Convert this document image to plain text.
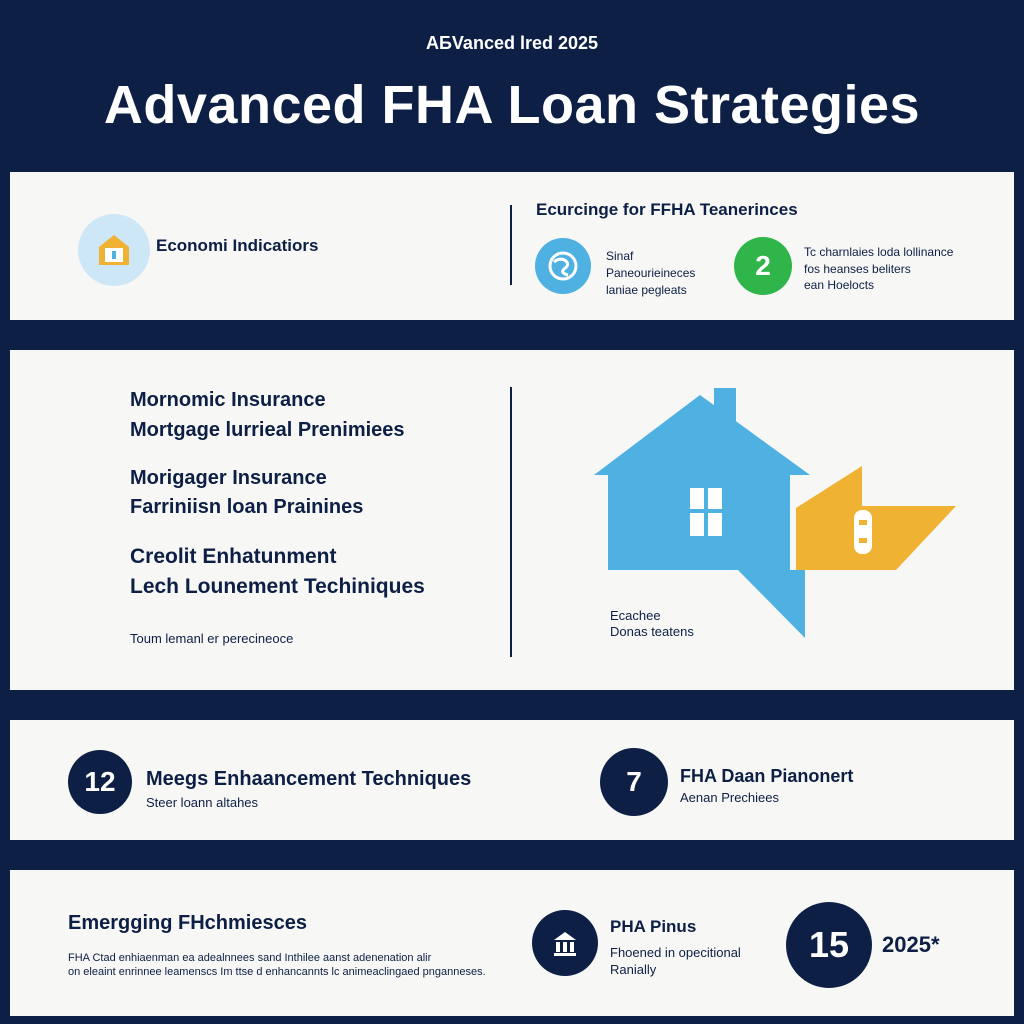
AБVanced lred 2025
Advanced FHA Loan Strategies
Economi Indicatiors
Ecurcinge for FFHA Teanerinces
Sinaf
Paneourieineces
laniae pegleats
2	Tc charnlaies loda lollinance
fos heanses beliters
ean Hoelocts
Mornomic Insurance
Mortgage lurrieal Prenimiees
Morigager Insurance
Farriniisn loan Prainines
Creolit Enhatunment
Lech Lounement Techiniques
Toum lemanl er perecineoce
Ecachee
Donas teatens
12	Meegs Enhaancement Techniques
Steer loann altahes
7	FHA Daan Pianonert
Aenan Prechiees
Emergging FHchmiesces
FHA Ctad enhiaenman ea adealnnees sand Inthilee aanst adenenation alir
on eleaint enrinnee leamenscs Im ttse d enhancannts lc animeaclingaed pnganneses.
PHA Pinus
Fhoened in opecitional
Ranially
15	2025*
